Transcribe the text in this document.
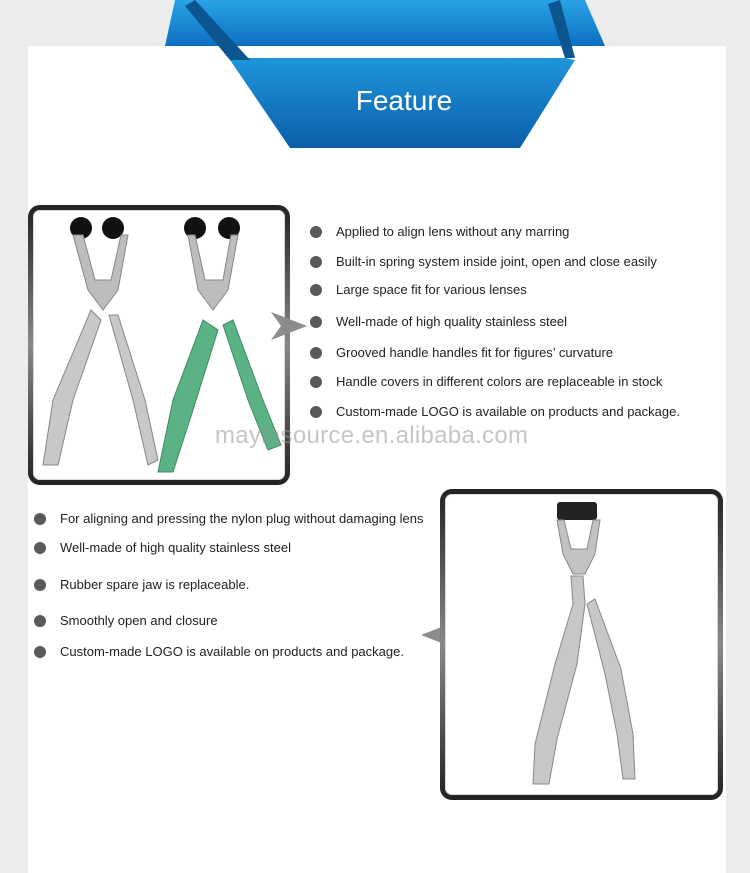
Feature
maylasource.en.alibaba.com
Applied to align lens without any marring
Built-in spring system inside joint, open and close easily
Large space fit for various lenses
Well-made of high quality stainless steel
Grooved handle handles fit for figures’ curvature
Handle covers in different colors are replaceable in stock
Custom-made LOGO is available on products and package.
For aligning and pressing the nylon plug without damaging lens
Well-made of high quality stainless steel
Rubber spare jaw is replaceable.
Smoothly open and closure
Custom-made LOGO is available on products and package.
